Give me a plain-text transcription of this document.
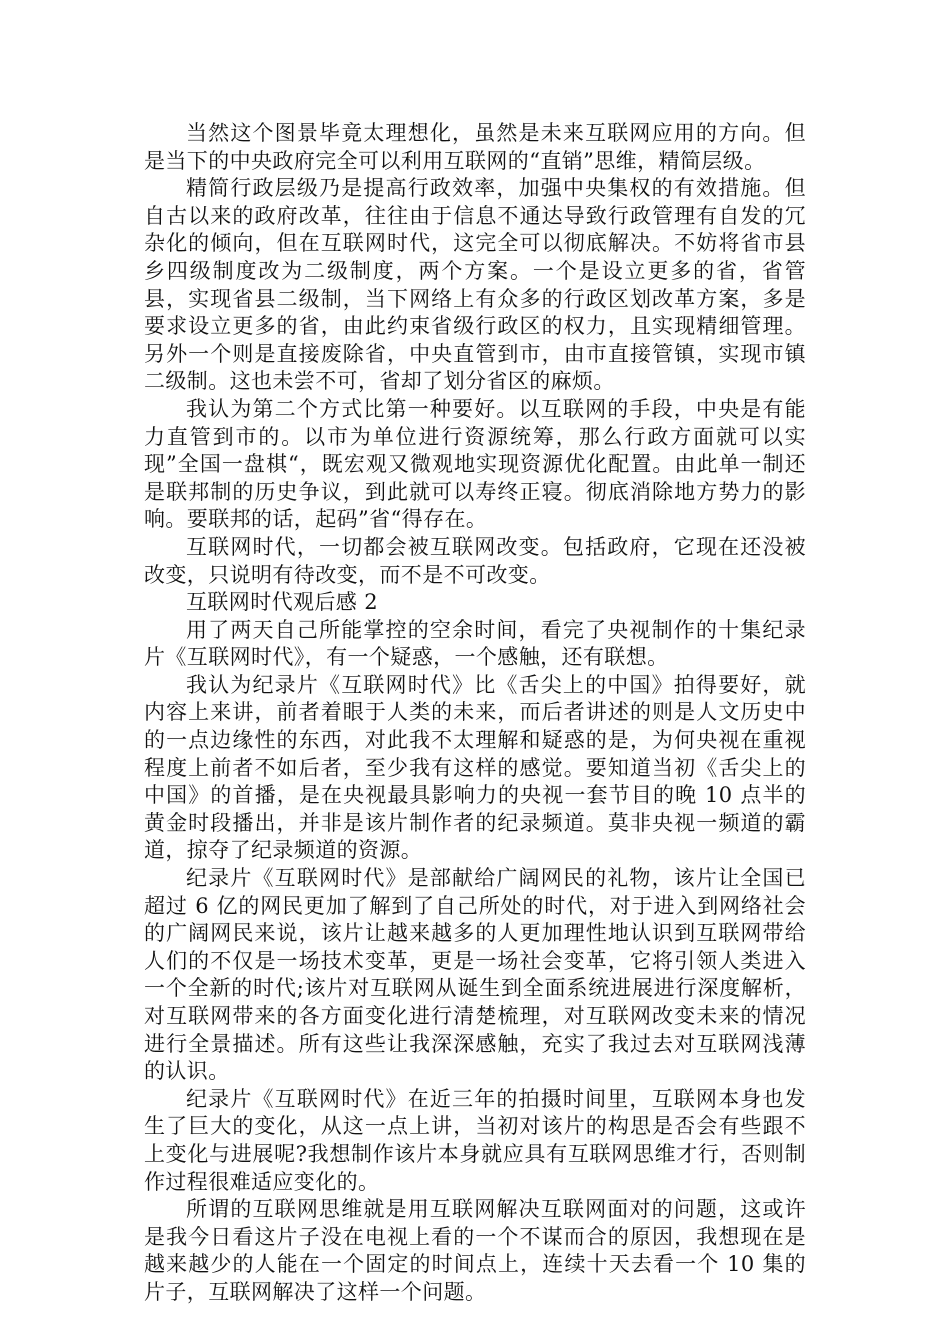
当然这个图景毕竟太理想化，虽然是未来互联网应用的方向。但是当下的中央政府完全可以利用互联网的“直销”思维，精简层级。

精简行政层级乃是提高行政效率，加强中央集权的有效措施。但自古以来的政府改革，往往由于信息不通达导致行政管理有自发的冗杂化的倾向，但在互联网时代，这完全可以彻底解决。不妨将省市县乡四级制度改为二级制度，两个方案。一个是设立更多的省，省管县，实现省县二级制，当下网络上有众多的行政区划改革方案，多是要求设立更多的省，由此约束省级行政区的权力，且实现精细管理。另外一个则是直接废除省，中央直管到市，由市直接管镇，实现市镇二级制。这也未尝不可，省却了划分省区的麻烦。

我认为第二个方式比第一种要好。以互联网的手段，中央是有能力直管到市的。以市为单位进行资源统筹，那么行政方面就可以实现”全国一盘棋“，既宏观又微观地实现资源优化配置。由此单一制还是联邦制的历史争议，到此就可以寿终正寝。彻底消除地方势力的影响。要联邦的话，起码”省“得存在。

互联网时代，一切都会被互联网改变。包括政府，它现在还没被改变，只说明有待改变，而不是不可改变。

互联网时代观后感 2

用了两天自己所能掌控的空余时间，看完了央视制作的十集纪录片《互联网时代》，有一个疑惑，一个感触，还有联想。

我认为纪录片《互联网时代》比《舌尖上的中国》拍得要好，就内容上来讲，前者着眼于人类的未来，而后者讲述的则是人文历史中的一点边缘性的东西，对此我不太理解和疑惑的是，为何央视在重视程度上前者不如后者，至少我有这样的感觉。要知道当初《舌尖上的中国》的首播，是在央视最具影响力的央视一套节目的晚 10 点半的黄金时段播出，并非是该片制作者的纪录频道。莫非央视一频道的霸道，掠夺了纪录频道的资源。

纪录片《互联网时代》是部献给广阔网民的礼物，该片让全国已超过 6 亿的网民更加了解到了自己所处的时代，对于进入到网络社会的广阔网民来说，该片让越来越多的人更加理性地认识到互联网带给人们的不仅是一场技术变革，更是一场社会变革，它将引领人类进入一个全新的时代;该片对互联网从诞生到全面系统进展进行深度解析，对互联网带来的各方面变化进行清楚梳理，对互联网改变未来的情况进行全景描述。所有这些让我深深感触，充实了我过去对互联网浅薄的认识。

纪录片《互联网时代》在近三年的拍摄时间里，互联网本身也发生了巨大的变化，从这一点上讲，当初对该片的构思是否会有些跟不上变化与进展呢?我想制作该片本身就应具有互联网思维才行，否则制作过程很难适应变化的。

所谓的互联网思维就是用互联网解决互联网面对的问题，这或许是我今日看这片子没在电视上看的一个不谋而合的原因，我想现在是越来越少的人能在一个固定的时间点上，连续十天去看一个 10 集的片子，互联网解决了这样一个问题。
